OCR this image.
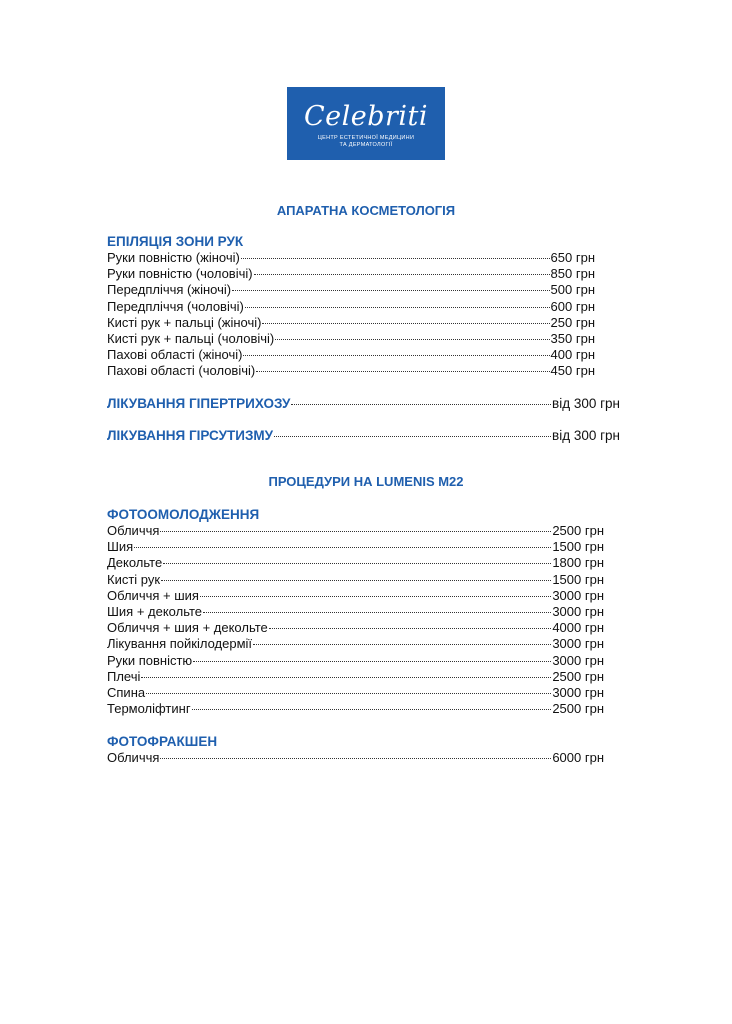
Celebriti
ЦЕНТР ЕСТЕТИЧНОЇ МЕДИЦИНИ
ТА ДЕРМАТОЛОГІЇ
АПАРАТНА КОСМЕТОЛОГІЯ
ЕПІЛЯЦІЯ ЗОНИ РУК
Руки повністю (жіночі)	650 грн
Руки повністю (чоловічі)	850 грн
Передпліччя (жіночі)	500 грн
Передпліччя (чоловічі)	600 грн
Кисті рук + пальці (жіночі)	250 грн
Кисті рук + пальці (чоловічі)	350 грн
Пахові області (жіночі)	400 грн
Пахові області (чоловічі)	450 грн
ЛІКУВАННЯ ГІПЕРТРИХОЗУ	від 300 грн
ЛІКУВАННЯ ГІРСУТИЗМУ	від 300 грн
ПРОЦЕДУРИ НА LUMENIS M22
ФОТООМОЛОДЖЕННЯ
Обличчя	2500 грн
Шия	1500 грн
Декольте	1800 грн
Кисті рук	1500 грн
Обличчя + шия	3000 грн
Шия + декольте	3000 грн
Обличчя + шия + декольте	4000 грн
Лікування пойкілодермії	3000 грн
Руки повністю	3000 грн
Плечі	2500 грн
Спина	3000 грн
Термоліфтинг	2500 грн
ФОТОФРАКШЕН
Обличчя	6000 грн
